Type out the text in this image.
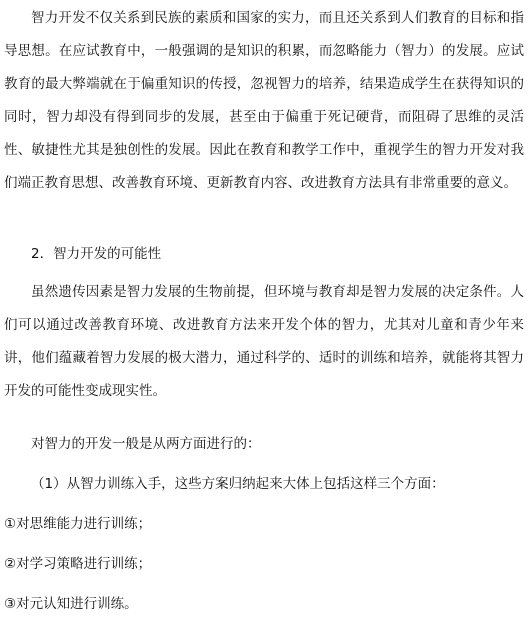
智力开发不仅关系到民族的素质和国家的实力，而且还关系到人们教育的目标和指导思想。在应试教育中，一般强调的是知识的积累，而忽略能力（智力）的发展。应试教育的最大弊端就在于偏重知识的传授，忽视智力的培养，结果造成学生在获得知识的同时，智力却没有得到同步的发展，甚至由于偏重于死记硬背，而阻碍了思维的灵活性、敏捷性尤其是独创性的发展。因此在教育和教学工作中，重视学生的智力开发对我们端正教育思想、改善教育环境、更新教育内容、改进教育方法具有非常重要的意义。

2．智力开发的可能性

虽然遗传因素是智力发展的生物前提，但环境与教育却是智力发展的决定条件。人们可以通过改善教育环境、改进教育方法来开发个体的智力，尤其对儿童和青少年来讲，他们蕴藏着智力发展的极大潜力，通过科学的、适时的训练和培养，就能将其智力开发的可能性变成现实性。

对智力的开发一般是从两方面进行的：

（1）从智力训练入手，这些方案归纳起来大体上包括这样三个方面：

①对思维能力进行训练；

②对学习策略进行训练；

③对元认知进行训练。
